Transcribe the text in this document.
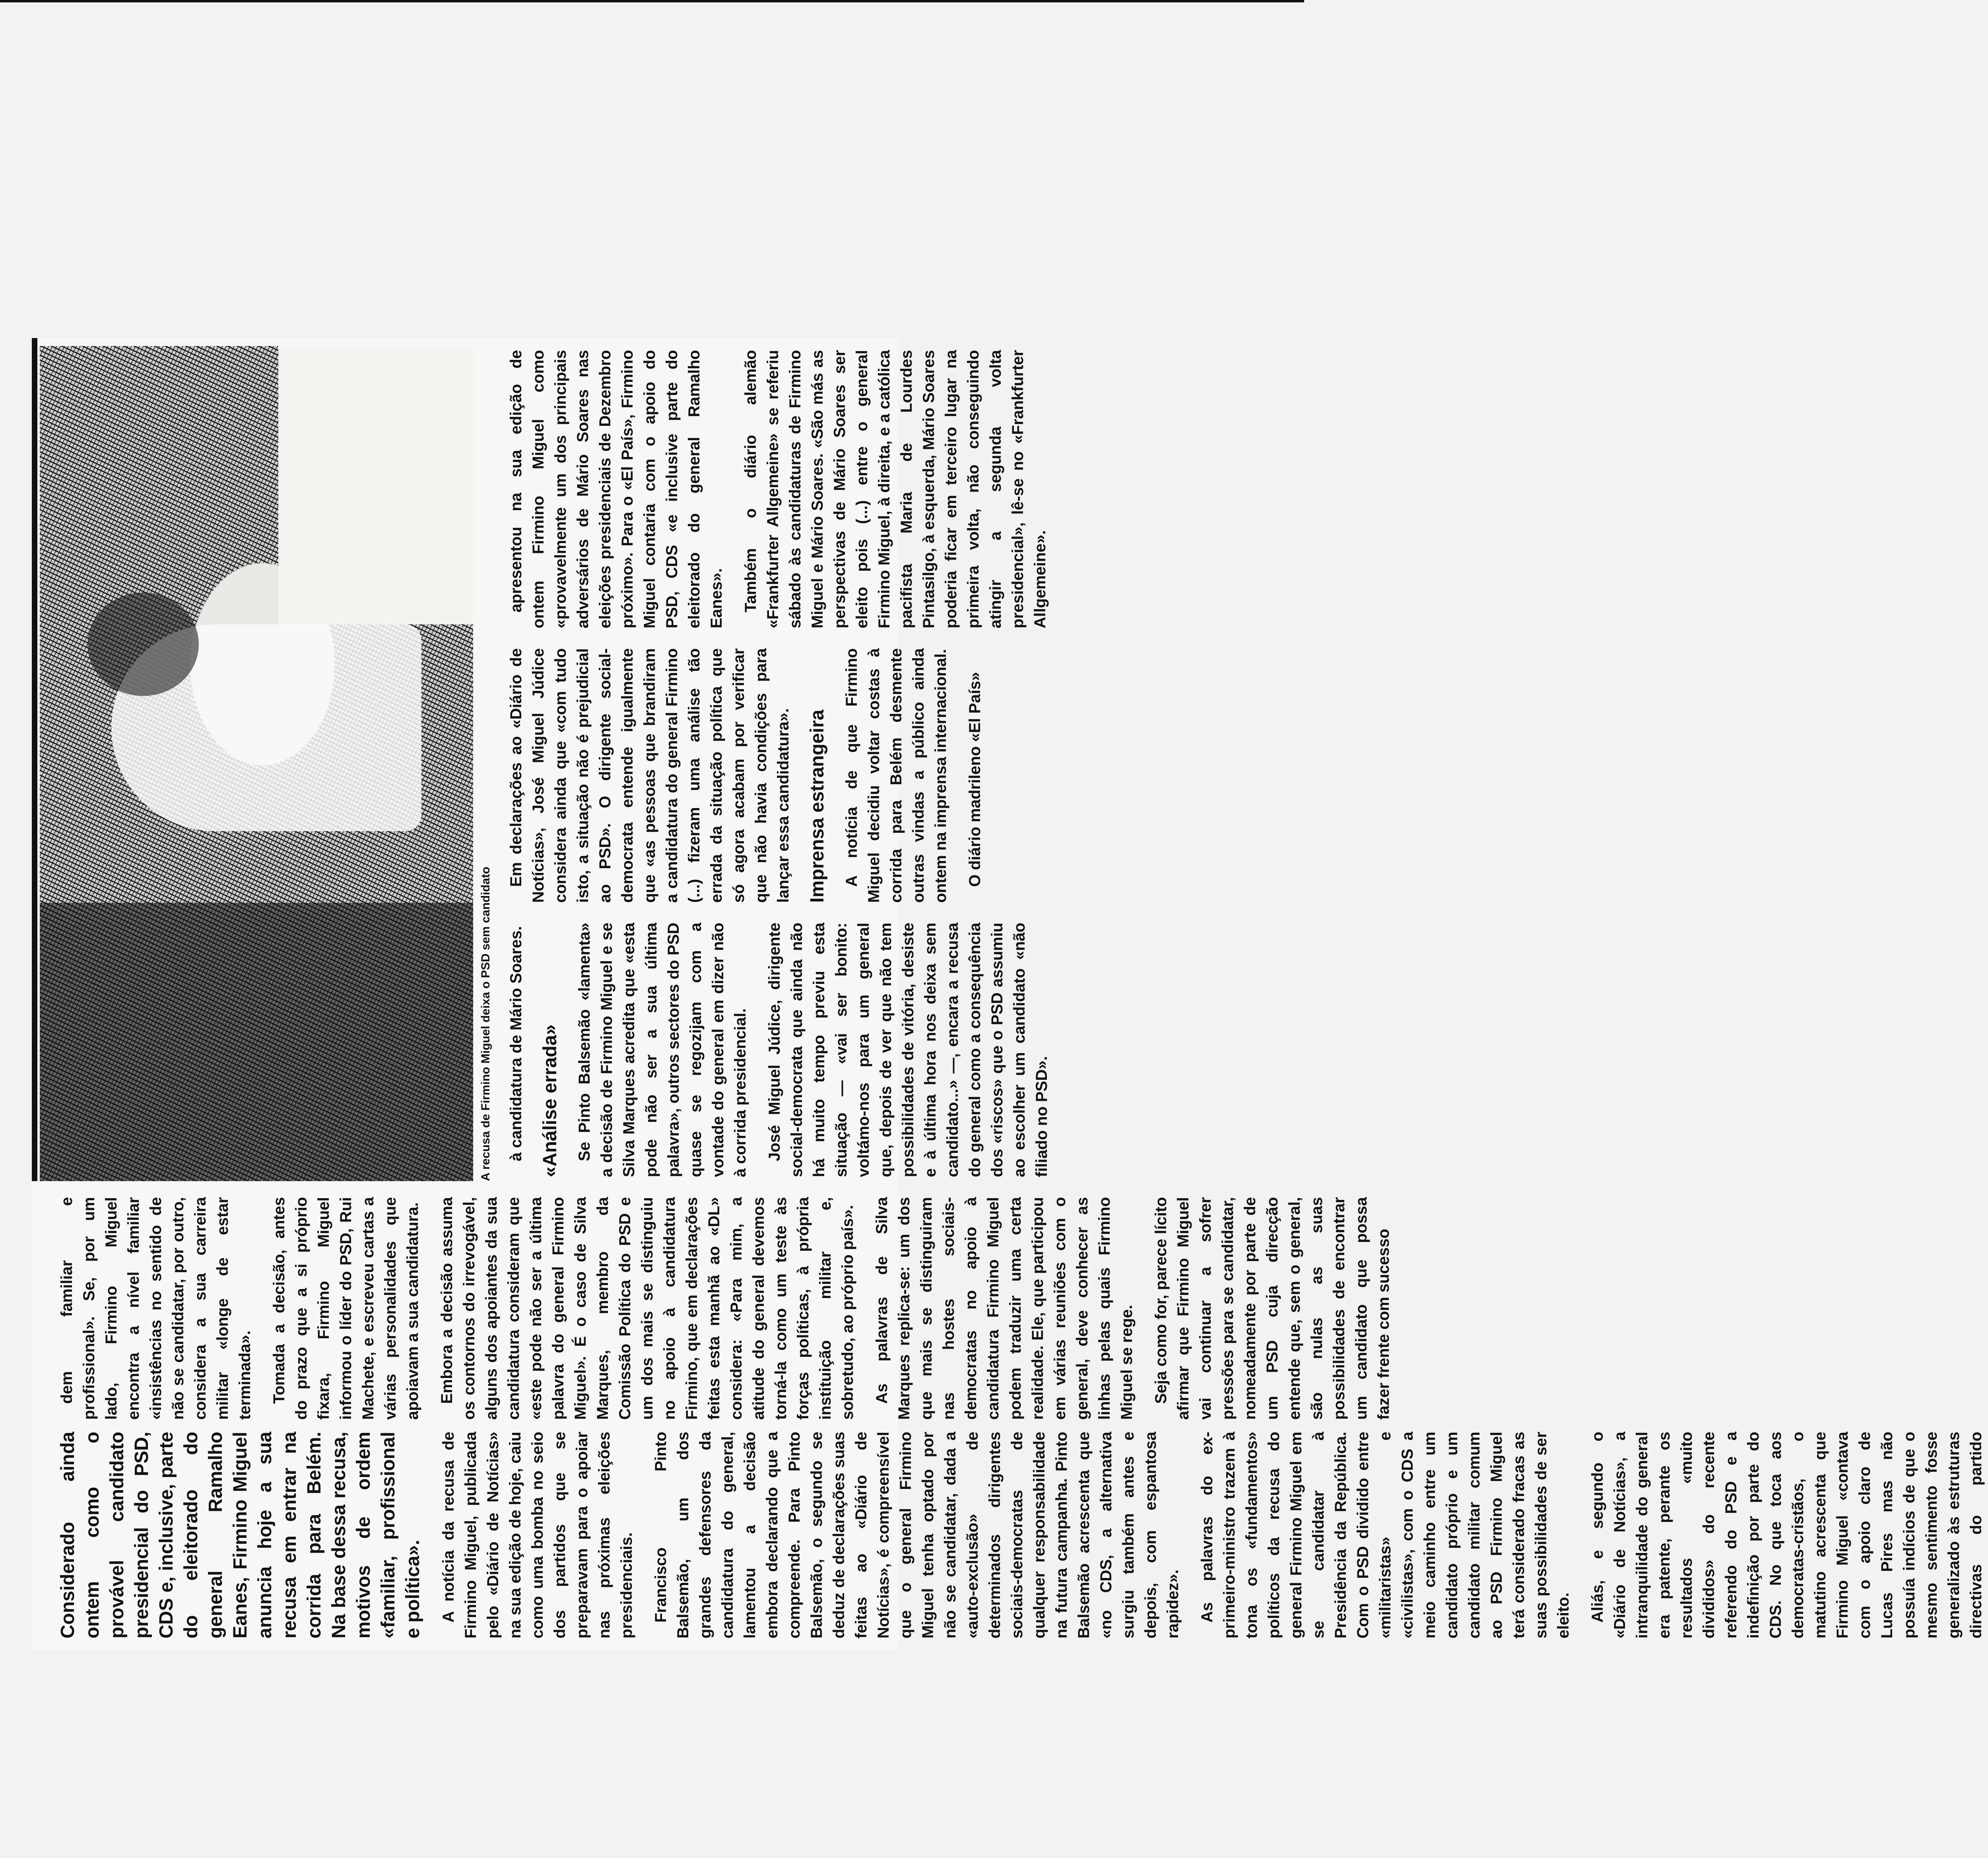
Considerado ainda ontem como o provável candidato presidencial do PSD, CDS e, inclusive, parte do eleitorado do general Ramalho Eanes, Firmino Miguel anuncia hoje a sua recusa em entrar na corrida para Belém. Na base dessa recusa, motivos de ordem «familiar, profissional e política». A notícia da recusa de Firmino Miguel, publicada pelo «Diário de Notícias» na sua edição de hoje, caiu como uma bomba no seio dos partidos que se preparavam para o apoiar nas próximas eleições presidenciais. Francisco Pinto Balsemão, um dos grandes defensores da candidatura do general, lamentou a decisão embora declarando que a compreende. Para Pinto Balsemão, o segundo se deduz de declarações suas feitas ao «Diário de Notícias», é compreensível que o general Firmino Miguel tenha optado por não se candidatar, dada a «auto-exclusão» de determinados dirigentes sociais-democratas de qualquer responsabilidade na futura campanha. Pinto Balsemão acrescenta que «no CDS, a alternativa surgiu também antes e depois, com espantosa rapidez». As palavras do ex-primeiro-ministro trazem à tona os «fundamentos» políticos da recusa do general Firmino Miguel em se candidatar à Presidência da República. Com o PSD dividido entre «militaristas» e «civilistas», com o CDS a meio caminho entre um candidato próprio e um candidato militar comum ao PSD Firmino Miguel terá considerado fracas as suas possibilidades de ser eleito. Aliás, e segundo o «Diário de Notícias», a intranquilidade do general era patente, perante os resultados «muito divididos» do recente referendo do PSD e a indefinição por parte do CDS. No que toca aos democratas-cristãos, o matutino acrescenta que Firmino Miguel «contava com o apoio claro de Lucas Pires mas não possuía indícios de que o mesmo sentimento fosse generalizado às estruturas directivas do partido

dem familiar e profissional». Se, por um lado, Firmino Miguel encontra a nível familiar «insistências no sentido de não se candidatar, por outro, considera a sua carreira militar «longe de estar terminada». Tomada a decisão, antes do prazo que a si próprio fixara, Firmino Miguel informou o líder do PSD, Rui Machete, e escreveu cartas a várias personalidades que apoiavam a sua candidatura. Embora a decisão assuma os contornos do irrevogável, alguns dos apoiantes da sua candidatura consideram que «este pode não ser a última palavra do general Firmino Miguel». É o caso de Silva Marques, membro da Comissão Política do PSD e um dos mais se distinguiu no apoio à candidatura Firmino, que em declarações feitas esta manhã ao «DL» considera: «Para mim, a atitude do general devemos torná-la como um teste às forças políticas, à própria instituição militar e, sobretudo, ao próprio país». As palavras de Silva Marques replica-se: um dos que mais se distinguiram nas hostes sociais-democratas no apoio à candidatura Firmino Miguel podem traduzir uma certa realidade. Ele, que participou em várias reuniões com o general, deve conhecer as linhas pelas quais Firmino Miguel se rege. Seja como for, parece lícito afirmar que Firmino Miguel vai continuar a sofrer pressões para se candidatar, nomeadamente por parte de um PSD cuja direcção entende que, sem o general, são nulas as suas possibilidades de encontrar um candidato que possa fazer frente com sucesso

A recusa de Firmino Miguel deixa o PSD sem candidato à candidatura de Mário Soares. «Análise errada» Se Pinto Balsemão «lamenta» a decisão de Firmino Miguel e se Silva Marques acredita que «esta pode não ser a sua última palavra», outros sectores do PSD quase se regozijam com a vontade do general em dizer não à corrida presidencial. José Miguel Júdice, dirigente social-democrata que ainda não há muito tempo previu esta situação — «vai ser bonito: voltámo-nos para um general que, depois de ver que não tem possibilidades de vitória, desiste e à última hora nos deixa sem candidato...» —, encara a recusa do general como a consequência dos «riscos» que o PSD assumiu ao escolher um candidato «não filiado no PSD».

Em declarações ao «Diário de Notícias», José Miguel Júdice considera ainda que «com tudo isto, a situação não é prejudicial ao PSD». O dirigente social-democrata entende igualmente que «as pessoas que brandiram a candidatura do general Firmino (...) fizeram uma análise tão errada da situação política que só agora acabam por verificar que não havia condições para lançar essa candidatura». Imprensa estrangeira A notícia de que Firmino Miguel decidiu voltar costas à corrida para Belém desmente outras vindas a público ainda ontem na imprensa internacional. O diário madrileno «El País»

apresentou na sua edição de ontem Firmino Miguel como «provavelmente um dos principais adversários de Mário Soares nas eleições presidenciais de Dezembro próximo». Para o «El País», Firmino Miguel contaria com o apoio do PSD, CDS «e inclusive parte do eleitorado do general Ramalho Eanes». Também o diário alemão «Frankfurter Allgemeine» se referiu sábado às candidaturas de Firmino Miguel e Mário Soares. «São más as perspectivas de Mário Soares ser eleito pois (...) entre o general Firmino Miguel, à direita, e a católica pacifista Maria de Lourdes Pintasilgo, à esquerda, Mário Soares poderia ficar em terceiro lugar na primeira volta, não conseguindo atingir a segunda volta presidencial», lê-se no «Frankfurter Allgemeine».
